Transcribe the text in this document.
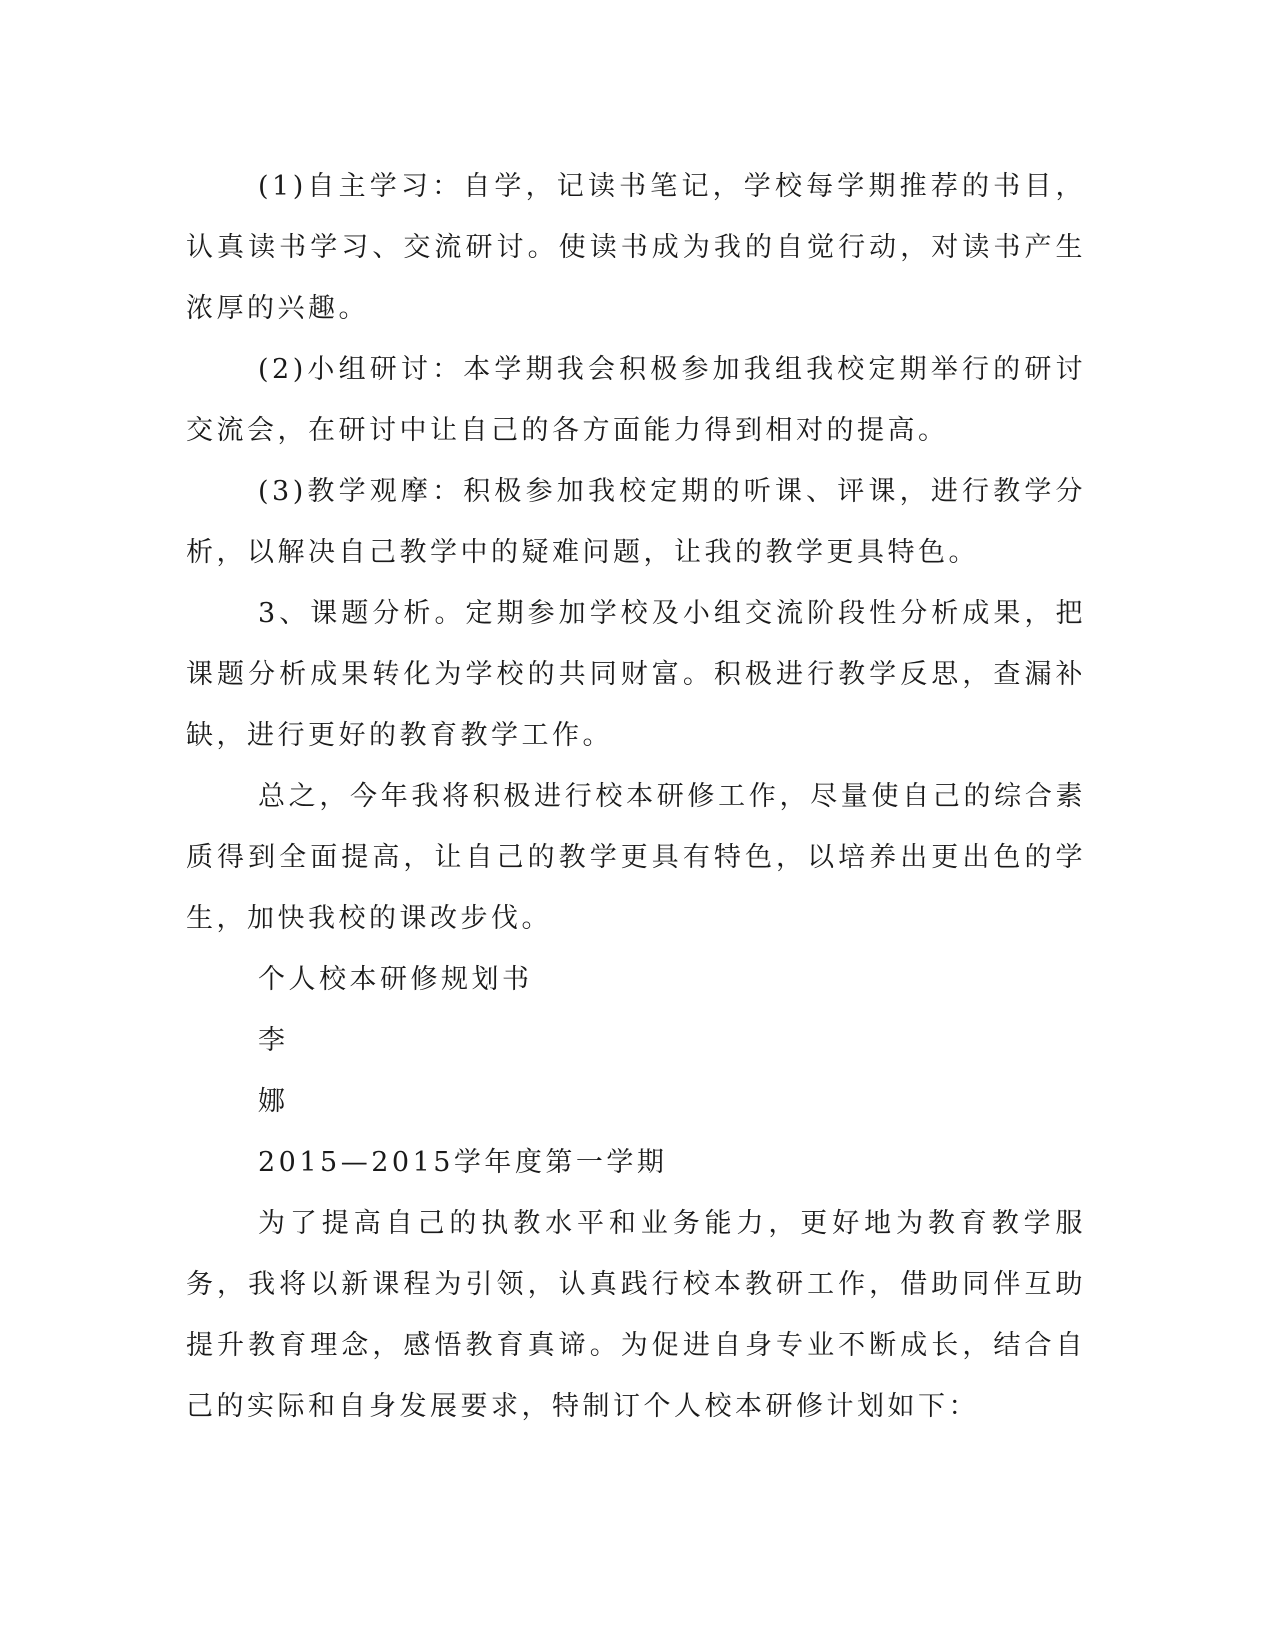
(1)自主学习：自学，记读书笔记，学校每学期推荐的书目，认真读书学习、交流研讨。使读书成为我的自觉行动，对读书产生浓厚的兴趣。

(2)小组研讨：本学期我会积极参加我组我校定期举行的研讨交流会，在研讨中让自己的各方面能力得到相对的提高。

(3)教学观摩：积极参加我校定期的听课、评课，进行教学分析，以解决自己教学中的疑难问题，让我的教学更具特色。

3、课题分析。定期参加学校及小组交流阶段性分析成果，把课题分析成果转化为学校的共同财富。积极进行教学反思，查漏补缺，进行更好的教育教学工作。

总之，今年我将积极进行校本研修工作，尽量使自己的综合素质得到全面提高，让自己的教学更具有特色，以培养出更出色的学生，加快我校的课改步伐。

个人校本研修规划书

李

娜

2015—2015学年度第一学期

为了提高自己的执教水平和业务能力，更好地为教育教学服务，我将以新课程为引领，认真践行校本教研工作，借助同伴互助提升教育理念，感悟教育真谛。为促进自身专业不断成长，结合自己的实际和自身发展要求，特制订个人校本研修计划如下：
